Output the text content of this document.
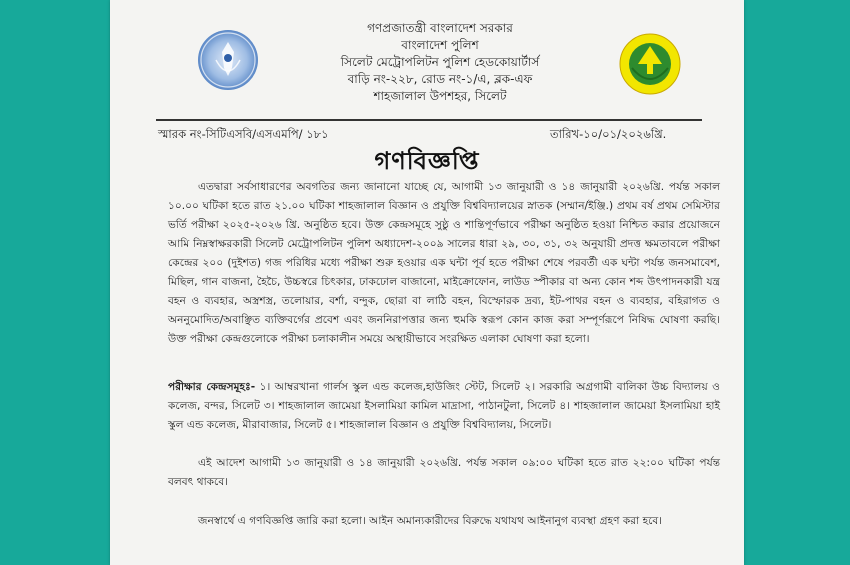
গণপ্রজাতন্ত্রী বাংলাদেশ সরকার
বাংলাদেশ পুলিশ
সিলেট মেট্রোপলিটন পুলিশ হেডকোয়ার্টার্স
বাড়ি নং-২২৮, রোড নং-১/এ, ব্লক-এফ
শাহজালাল উপশহর, সিলেট
স্মারক নং-সিটিএসবি/এসএমপি/ ১৮১	তারিখ-১০/০১/২০২৬খ্রি.
গণবিজ্ঞপ্তি
এতদ্বারা সর্বসাধারণের অবগতির জন্য জানানো যাচ্ছে যে, আগামী ১৩ জানুয়ারী ও ১৪ জানুয়ারী ২০২৬খ্রি. পর্যন্ত সকাল ১০.০০ ঘটিকা হতে রাত ২১.০০ ঘটিকা শাহজালাল বিজ্ঞান ও প্রযুক্তি বিশ্ববিদ্যালয়ের স্নাতক (সম্মান/ইঞ্জি.) প্রথম বর্ষ প্রথম সেমিস্টার ভর্তি পরীক্ষা ২০২৫-২০২৬ খ্রি. অনুষ্ঠিত হবে। উক্ত কেন্দ্রসমূহে সুষ্ঠু ও শান্তিপূর্ণভাবে পরীক্ষা অনুষ্ঠিত হওয়া নিশ্চিত করার প্রয়োজনে আমি নিম্নস্বাক্ষরকারী সিলেট মেট্রোপলিটন পুলিশ অধ্যাদেশ-২০০৯ সালের ধারা ২৯, ৩০, ৩১, ৩২ অনুযায়ী প্রদত্ত ক্ষমতাবলে পরীক্ষা কেন্দ্রের ২০০ (দুইশত) গজ পরিধির মধ্যে পরীক্ষা শুরু হওয়ার এক ঘন্টা পূর্ব হতে পরীক্ষা শেষে পরবর্তী এক ঘন্টা পর্যন্ত জনসমাবেশ, মিছিল, গান বাজনা, হৈচৈ, উচ্চস্বরে চিৎকার, ঢাকঢোল বাজানো, মাইক্রোফোন, লাউড স্পীকার বা অন্য কোন শব্দ উৎপাদনকারী যন্ত্র বহন ও ব্যবহার, অস্ত্রশস্ত্র, তলোয়ার, বর্শা, বন্দুক, ছোরা বা লাঠি বহন, বিস্ফোরক দ্রব্য, ইট-পাথর বহন ও ব্যবহার, বহিরাগত ও অননুমোদিত/অবাঞ্ছিত ব্যক্তিবর্গের প্রবেশ এবং জননিরাপত্তার জন্য হুমকি স্বরূপ কোন কাজ করা সম্পূর্ণরূপে নিষিদ্ধ ঘোষণা করছি। উক্ত পরীক্ষা কেন্দ্রগুলোকে পরীক্ষা চলাকালীন সময়ে অস্থায়ীভাবে সংরক্ষিত এলাকা ঘোষণা করা হলো।
পরীক্ষার কেন্দ্রসমূহঃ- ১। আম্বরখানা গার্লস স্কুল এন্ড কলেজ,হাউজিং স্টেট, সিলেট ২। সরকারি অগ্রগামী বালিকা উচ্চ বিদ্যালয় ও কলেজ, বন্দর, সিলেট ৩। শাহজালাল জামেয়া ইসলামিয়া কামিল মাদ্রাসা, পাঠানটুলা, সিলেট ৪। শাহজালাল জামেয়া ইসলামিয়া হাই স্কুল এন্ড কলেজ, মীরাবাজার, সিলেট ৫। শাহজালাল বিজ্ঞান ও প্রযুক্তি বিশ্ববিদ্যালয়, সিলেট।
এই আদেশ আগামী ১৩ জানুয়ারী ও ১৪ জানুয়ারী ২০২৬খ্রি. পর্যন্ত সকাল ০৯:০০ ঘটিকা হতে রাত ২২:০০ ঘটিকা পর্যন্ত বলবৎ থাকবে।
জনস্বার্থে এ গণবিজ্ঞপ্তি জারি করা হলো। আইন অমান্যকারীদের বিরুদ্ধে যথাযথ আইনানুগ ব্যবস্থা গ্রহণ করা হবে।
